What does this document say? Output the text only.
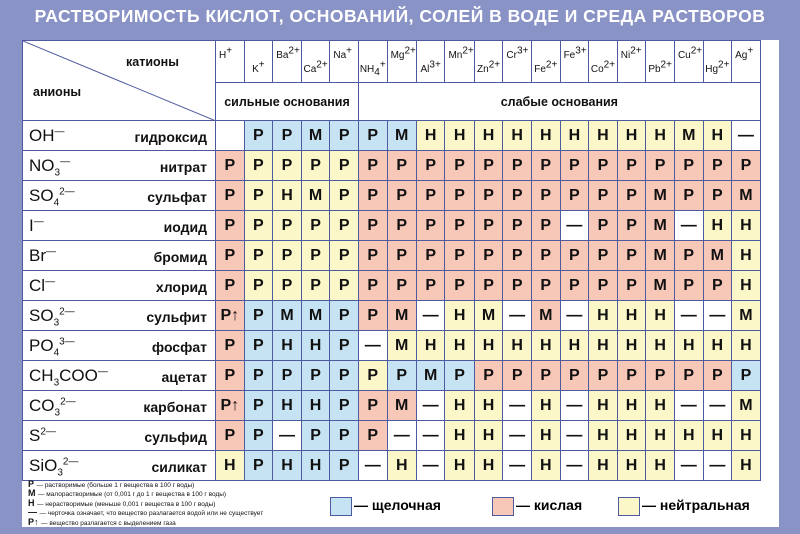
РАСТВОРИМОСТЬ КИСЛОТ, ОСНОВАНИЙ, СОЛЕЙ В ВОДЕ И СРЕДА РАСТВОРОВ
катионы
анионы	H+	K+	$Ba^{2+}$	$Ca^{2+}$	Na+	$NH_4^+$	$Mg^{2+}$	$Al^{3+}$	$Mn^{2+}$	$Zn^{2+}$	$Cr^{3+}$	$Fe^{2+}$	$Fe^{3+}$	$Co^{2+}$	$Ni^{2+}$	$Pb^{2+}$	$Cu^{2+}$	$Hg^{2+}$	Ag+

	сильные основания					слабые основания													

OH— гидроксид		Р	Р	М	Р	Р	М	Н	Н	Н	Н	Н	Н	Н	Н	Н	М	Н	—

$NO_3^—$ нитрат	Р	Р	Р	Р	Р	Р	Р	Р	Р	Р	Р	Р	Р	Р	Р	Р	Р	Р	Р

$SO_4^{2—}$ сульфат	Р	Р	Н	М	Р	Р	Р	Р	Р	Р	Р	Р	Р	Р	Р	М	Р	Р	М

I— иодид	Р	Р	Р	Р	Р	Р	Р	Р	Р	Р	Р	Р	—	Р	Р	М	—	Н	Н

Br— бромид	Р	Р	Р	Р	Р	Р	Р	Р	Р	Р	Р	Р	Р	Р	Р	М	Р	М	Н

Cl— хлорид	Р	Р	Р	Р	Р	Р	Р	Р	Р	Р	Р	Р	Р	Р	Р	М	Р	Р	Н

$SO_3^{2—}$ сульфит	Р↑	Р	М	М	Р	Р	М	—	Н	М	—	М	—	Н	Н	Н	—	—	М

$PO_4^{3—}$ фосфат	Р	Р	Н	Н	Р	—	М	Н	Н	Н	Н	Н	Н	Н	Н	Н	Н	Н	Н

$CH_3COO^—$ ацетат	Р	Р	Р	Р	Р	Р	Р	М	Р	Р	Р	Р	Р	Р	Р	Р	Р	Р	Р

$CO_3^{2—}$ карбонат	Р↑	Р	Н	Н	Р	Р	М	—	Н	Н	—	Н	—	Н	Н	Н	—	—	М

$S^{2—}$ сульфид	Р	Р	—	Р	Р	Р	—	—	Н	Н	—	Н	—	Н	Н	Н	Н	Н	Н

SiO$_3^{2—}$ силикат	Н	Р	Н	Н	Р	—	Н	—	Н	Н	—	Н	—	Н	Н	Н	—	—	Н
Р — растворимые (больше 1 г вещества в 100 г воды)
М — малорастворимые (от 0,001 г до 1 г вещества в 100 г воды)
Н — нерастворимые (меньше 0,001 г вещества в 100 г воды)
— — черточка означает, что вещество разлагается водой или не существует
Р↑ — вещество разлагается с выделением газа
— щелочная	— кислая	— нейтральная
